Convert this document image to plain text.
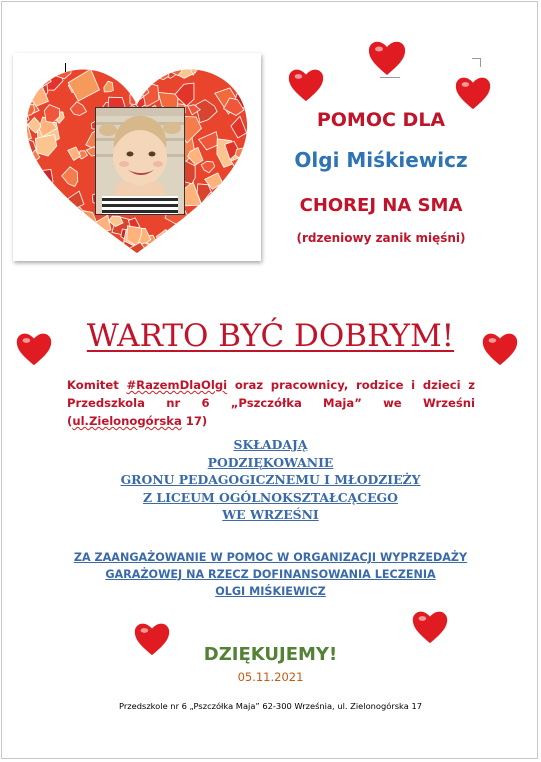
POMOC DLA
Olgi Miśkiewicz
CHOREJ NA SMA
(rdzeniowy zanik mięśni)
WARTO BYĆ DOBRYM!
Komitet #RazemDlaOlgi oraz pracownicy, rodzice i dzieci z Przedszkola nr 6 „Pszczółka Maja” we Wrześni (ul.Zielonogórska 17)
SKŁADAJĄ
PODZIĘKOWANIE
GRONU PEDAGOGICZNEMU I MŁODZIEŻY
Z LICEUM OGÓLNOKSZTAŁCĄCEGO
WE WRZEŚNI
ZA ZAANGAŻOWANIE W POMOC W ORGANIZACJI WYPRZEDAŻY
GARAŻOWEJ NA RZECZ DOFINANSOWANIA LECZENIA
OLGI MIŚKIEWICZ
DZIĘKUJEMY!
05.11.2021
Przedszkole nr 6 „Pszczółka Maja” 62-300 Września, ul. Zielonogórska 17
